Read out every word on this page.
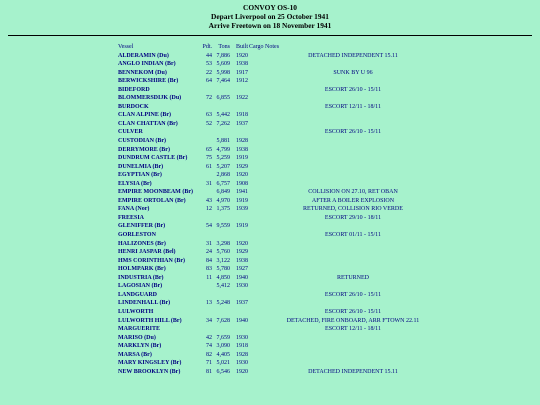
CONVOY OS-10
Depart Liverpool on 25 October 1941
Arrive Freetown on 18 November 1941
Vessel	Pdt.	Tons	Built	Cargo Notes
ALDERAMIN (Du)	44	7,886	1920	DETACHED INDEPENDENT 15.11
ANGLO INDIAN (Br)	53	5,609	1938	
BENNEKOM (Du)	22	5,998	1917	SUNK BY U 96
BERWICKSHIRE (Br)	64	7,464	1912	
BIDEFORD				ESCORT 26/10 - 15/11
BLOMMERSDIJK (Du)	72	6,855	1922	
BURDOCK				ESCORT 12/11 - 18/11
CLAN ALPINE (Br)	63	5,442	1918	
CLAN CHATTAN (Br)	52	7,262	1937	
CULVER				ESCORT 26/10 - 15/11
CUSTODIAN (Br)		5,881	1928	
DERRYMORE (Br)	65	4,799	1938	
DUNDRUM CASTLE (Br)	75	5,259	1919	
DUNELMIA (Br)	61	5,207	1929	
EGYPTIAN (Br)		2,868	1920	
ELYSIA (Br)	31	6,757	1908	
EMPIRE MOONBEAM (Br)		6,849	1941	COLLISION ON 27.10, RET OBAN
EMPIRE ORTOLAN (Br)	43	4,970	1919	AFTER A BOILER EXPLOSION
FANA (Nor)	12	1,375	1939	RETURNED, COLLISION RIO VERDE
FREESIA				ESCORT 29/10 - 18/11
GLENIFFER (Br)	54	9,559	1919	
GORLESTON				ESCORT 01/11 - 15/11
HALIZONES (Br)	31	3,298	1920	
HENRI JASPAR (Bel)	24	5,760	1929	
HMS CORINTHIAN (Br)	84	3,122	1938	
HOLMPARK (Br)	83	5,780	1927	
INDUSTRIA (Br)	11	4,850	1940	RETURNED
LAGOSIAN (Br)		5,412	1930	
LANDGUARD				ESCORT 26/10 - 15/11
LINDENHALL (Br)	13	5,248	1937	
LULWORTH				ESCORT 26/10 - 15/11
LULWORTH HILL (Br)	34	7,628	1940	DETACHED, FIRE ONBOARD, ARR F'TOWN 22.11
MARGUERITE				ESCORT 12/11 - 18/11
MARISO (Du)	42	7,659	1930	
MARKLYN (Br)	74	3,090	1918	
MARSA (Br)	82	4,405	1928	
MARY KINGSLEY (Br)	71	5,021	1930	
NEW BROOKLYN (Br)	81	6,546	1920	DETACHED INDEPENDENT 15.11
